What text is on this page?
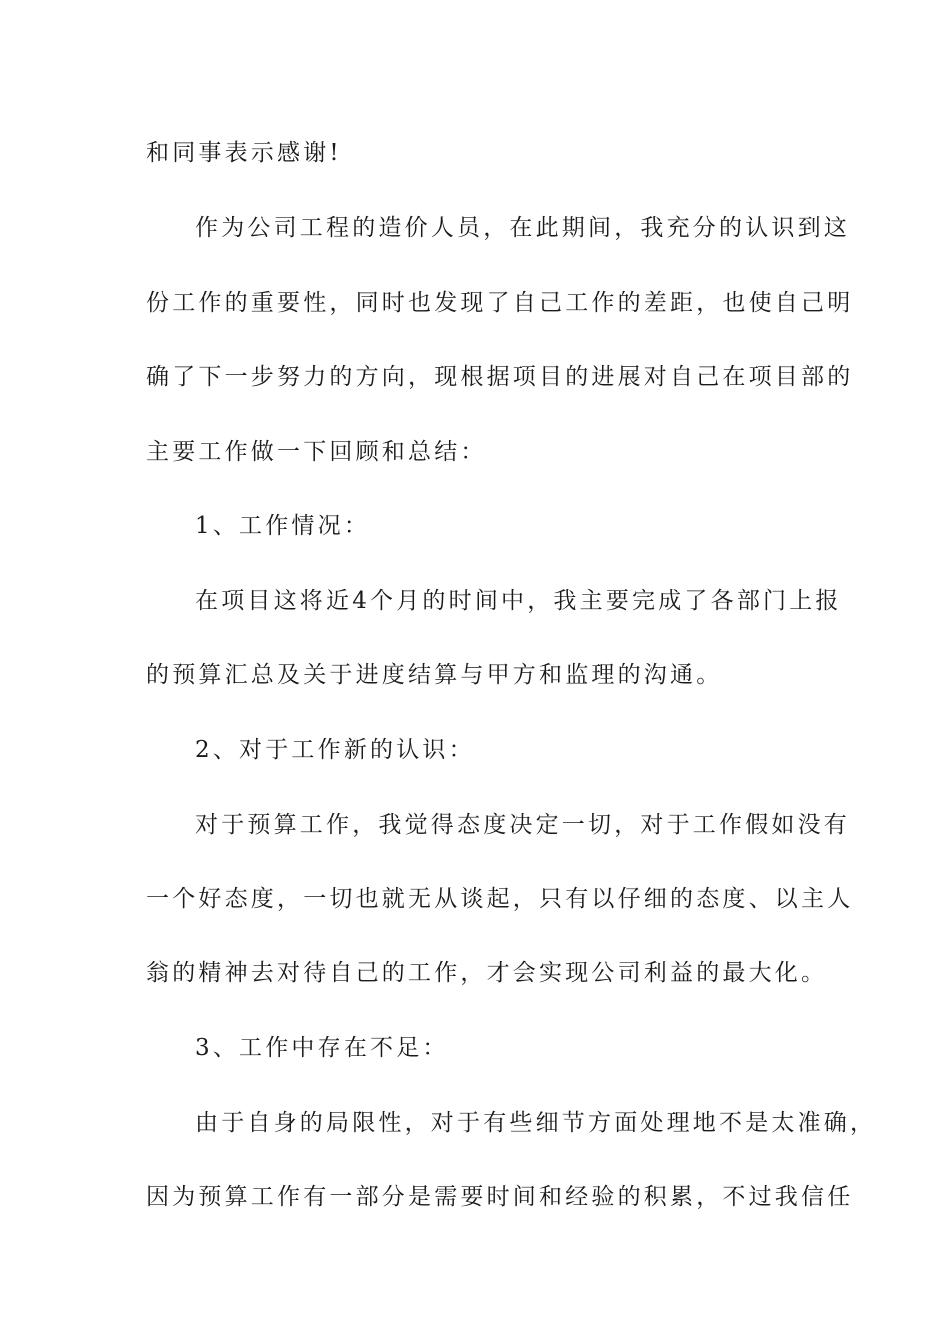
和同事表示感谢!
作为公司工程的造价人员，在此期间，我充分的认识到这
份工作的重要性，同时也发现了自己工作的差距，也使自己明
确了下一步努力的方向，现根据项目的进展对自己在项目部的
主要工作做一下回顾和总结：
1、工作情况：
在项目这将近4个月的时间中，我主要完成了各部门上报
的预算汇总及关于进度结算与甲方和监理的沟通。
2、对于工作新的认识：
对于预算工作，我觉得态度决定一切，对于工作假如没有
一个好态度，一切也就无从谈起，只有以仔细的态度、以主人
翁的精神去对待自己的工作，才会实现公司利益的最大化。
3、工作中存在不足：
由于自身的局限性，对于有些细节方面处理地不是太准确，
因为预算工作有一部分是需要时间和经验的积累，不过我信任
